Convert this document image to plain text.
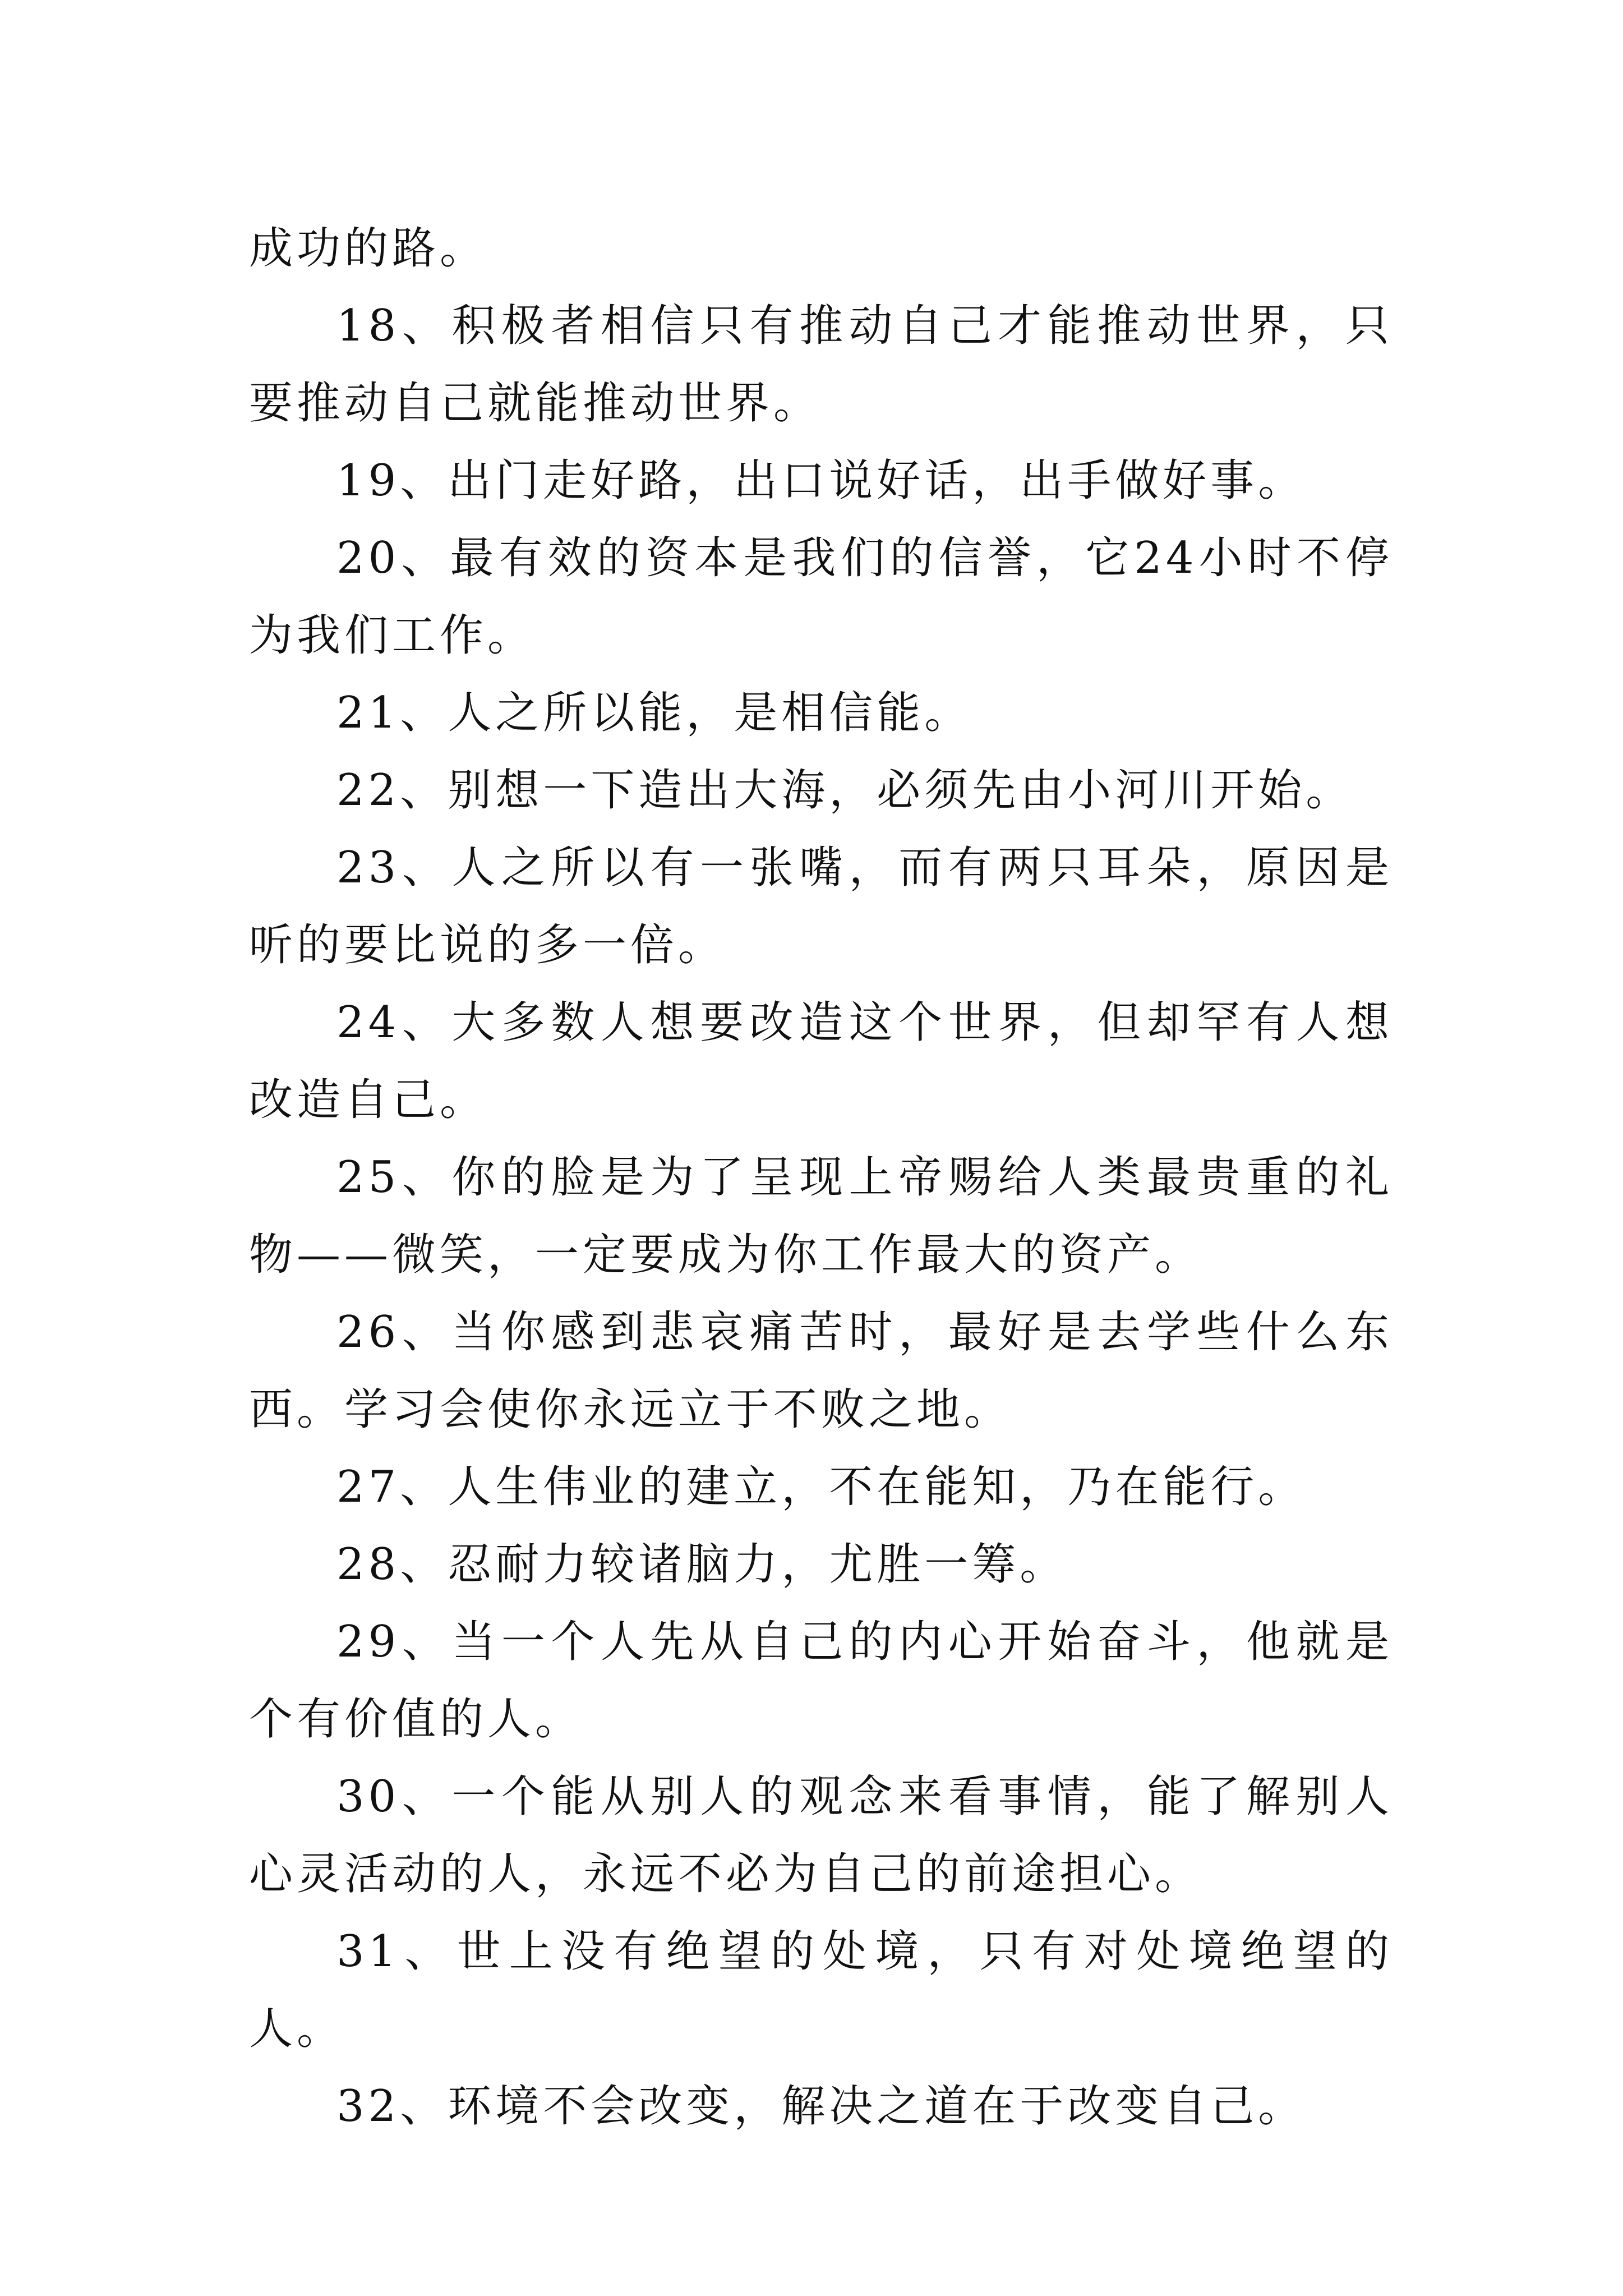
成功的路。

18、积极者相信只有推动自己才能推动世界，只要推动自己就能推动世界。

19、出门走好路，出口说好话，出手做好事。

20、最有效的资本是我们的信誉，它24小时不停为我们工作。

21、人之所以能，是相信能。

22、别想一下造出大海，必须先由小河川开始。

23、人之所以有一张嘴，而有两只耳朵，原因是听的要比说的多一倍。

24、大多数人想要改造这个世界，但却罕有人想改造自己。

25、你的脸是为了呈现上帝赐给人类最贵重的礼物——微笑，一定要成为你工作最大的资产。

26、当你感到悲哀痛苦时，最好是去学些什么东西。学习会使你永远立于不败之地。

27、人生伟业的建立，不在能知，乃在能行。

28、忍耐力较诸脑力，尤胜一筹。

29、当一个人先从自己的内心开始奋斗，他就是个有价值的人。

30、一个能从别人的观念来看事情，能了解别人心灵活动的人，永远不必为自己的前途担心。

31、世上没有绝望的处境，只有对处境绝望的人。

32、环境不会改变，解决之道在于改变自己。
